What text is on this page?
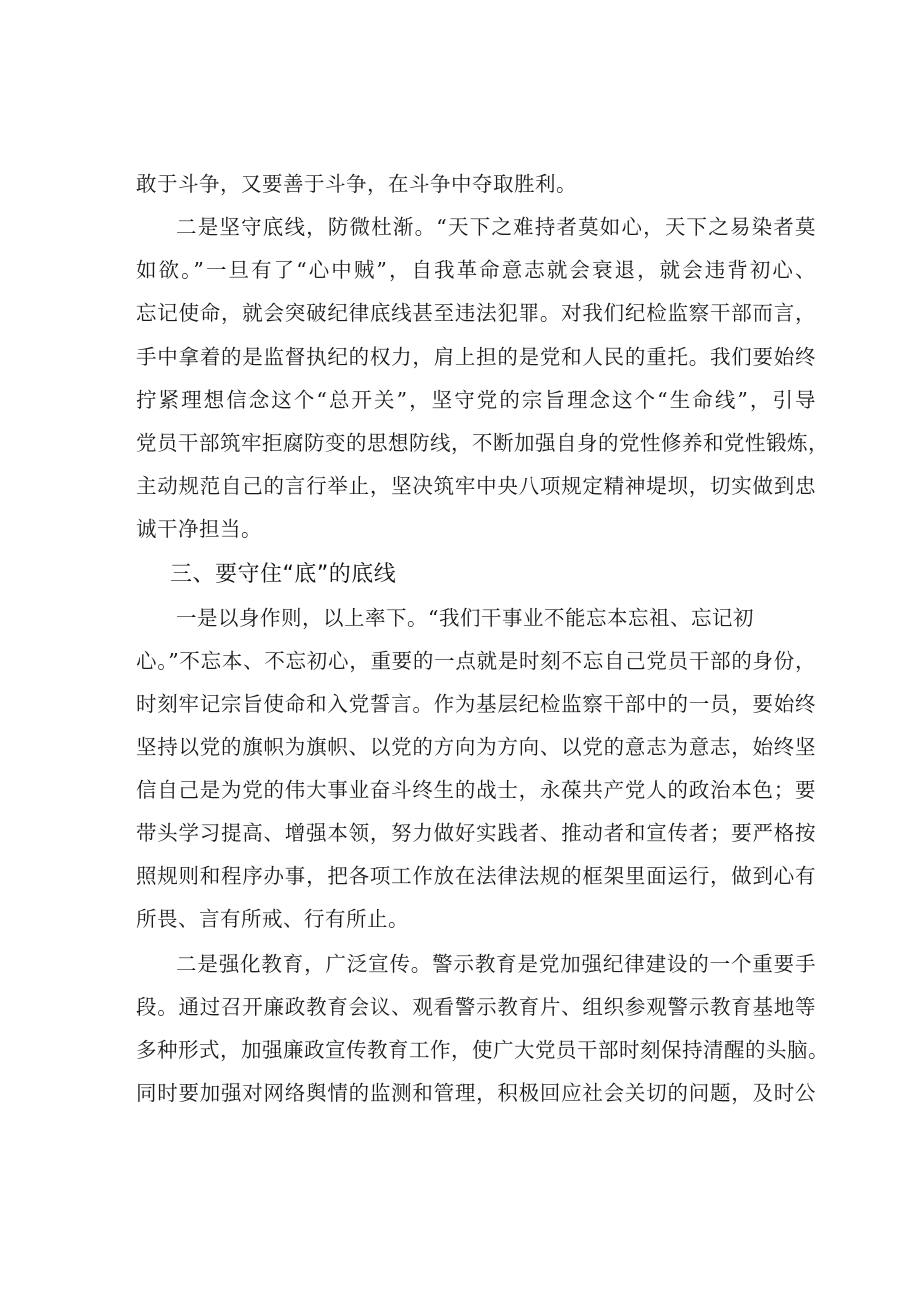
敢于斗争，又要善于斗争，在斗争中夺取胜利。
二是坚守底线，防微杜渐。“天下之难持者莫如心，天下之易染者莫
如欲。”一旦有了“心中贼”，自我革命意志就会衰退，就会违背初心、
忘记使命，就会突破纪律底线甚至违法犯罪。对我们纪检监察干部而言，
手中拿着的是监督执纪的权力，肩上担的是党和人民的重托。我们要始终
拧紧理想信念这个“总开关”，坚守党的宗旨理念这个“生命线”，引导
党员干部筑牢拒腐防变的思想防线，不断加强自身的党性修养和党性锻炼，
主动规范自己的言行举止，坚决筑牢中央八项规定精神堤坝，切实做到忠
诚干净担当。
三、要守住“底”的底线
一是以身作则，以上率下。“我们干事业不能忘本忘祖、忘记初
心。”不忘本、不忘初心，重要的一点就是时刻不忘自己党员干部的身份，
时刻牢记宗旨使命和入党誓言。作为基层纪检监察干部中的一员，要始终
坚持以党的旗帜为旗帜、以党的方向为方向、以党的意志为意志，始终坚
信自己是为党的伟大事业奋斗终生的战士，永葆共产党人的政治本色；要
带头学习提高、增强本领，努力做好实践者、推动者和宣传者；要严格按
照规则和程序办事，把各项工作放在法律法规的框架里面运行，做到心有
所畏、言有所戒、行有所止。
二是强化教育，广泛宣传。警示教育是党加强纪律建设的一个重要手
段。通过召开廉政教育会议、观看警示教育片、组织参观警示教育基地等
多种形式，加强廉政宣传教育工作，使广大党员干部时刻保持清醒的头脑。
同时要加强对网络舆情的监测和管理，积极回应社会关切的问题，及时公
